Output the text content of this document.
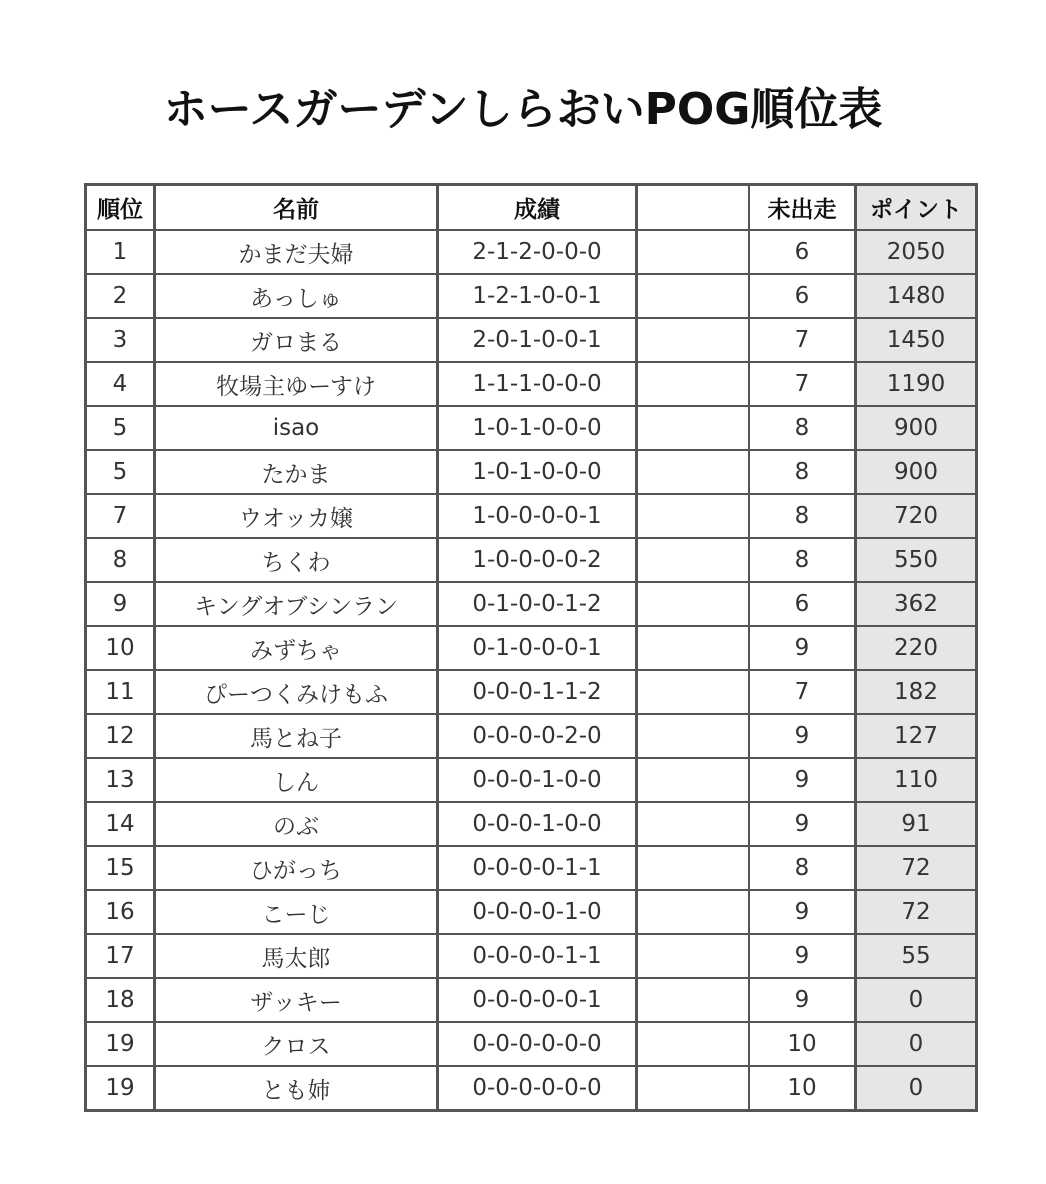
ホースガーデンしらおいPOG順位表
順位	名前	成績		未出走	ポイント
1	かまだ夫婦	2-1-2-0-0-0		6	2050
2	あっしゅ	1-2-1-0-0-1		6	1480
3	ガロまる	2-0-1-0-0-1		7	1450
4	牧場主ゆーすけ	1-1-1-0-0-0		7	1190
5	isao	1-0-1-0-0-0		8	900
5	たかま	1-0-1-0-0-0		8	900
7	ウオッカ嬢	1-0-0-0-0-1		8	720
8	ちくわ	1-0-0-0-0-2		8	550
9	キングオブシンラン	0-1-0-0-1-2		6	362
10	みずちゃ	0-1-0-0-0-1		9	220
11	ぴーつくみけもふ	0-0-0-1-1-2		7	182
12	馬とね子	0-0-0-0-2-0		9	127
13	しん	0-0-0-1-0-0		9	110
14	のぶ	0-0-0-1-0-0		9	91
15	ひがっち	0-0-0-0-1-1		8	72
16	こーじ	0-0-0-0-1-0		9	72
17	馬太郎	0-0-0-0-1-1		9	55
18	ザッキー	0-0-0-0-0-1		9	0
19	クロス	0-0-0-0-0-0		10	0
19	とも姉	0-0-0-0-0-0		10	0
